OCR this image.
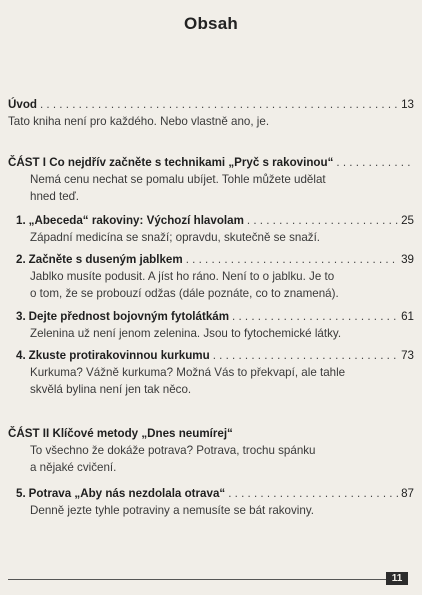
Obsah
Úvod . . .	13
Tato kniha není pro každého. Nebo vlastně ano, je.
ČÁST I Co nejdřív začněte s technikami „Pryč s rakovinou“
. . .
Nemá cenu nechat se pomalu ubíjet. Tohle můžete udělat
hned teď.
1. „Abeceda“ rakoviny: Výchozí hlavolam . . .	25
Západní medicína se snaží; opravdu, skutečně se snaží.
2. Začněte s duseným jablkem . . .	39
Jablko musíte podusit. A jíst ho ráno. Není to o jablku. Je to
o tom, že se probouzí odžas (dále poznáte, co to znamená).
3. Dejte přednost bojovným fytolátkám . . .	61
Zelenina už není jenom zelenina. Jsou to fytochemické látky.
4. Zkuste protirakovinnou kurkumu . . .	73
Kurkuma? Vážně kurkuma? Možná Vás to překvapí, ale tahle
skvělá bylina není jen tak něco.
ČÁST II Klíčové metody „Dnes neumírej“
To všechno že dokáže potrava? Potrava, trochu spánku
a nějaké cvičení.
5. Potrava „Aby nás nezdolala otrava“ . . .	87
Denně jezte tyhle potraviny a nemusíte se bát rakoviny.
11
